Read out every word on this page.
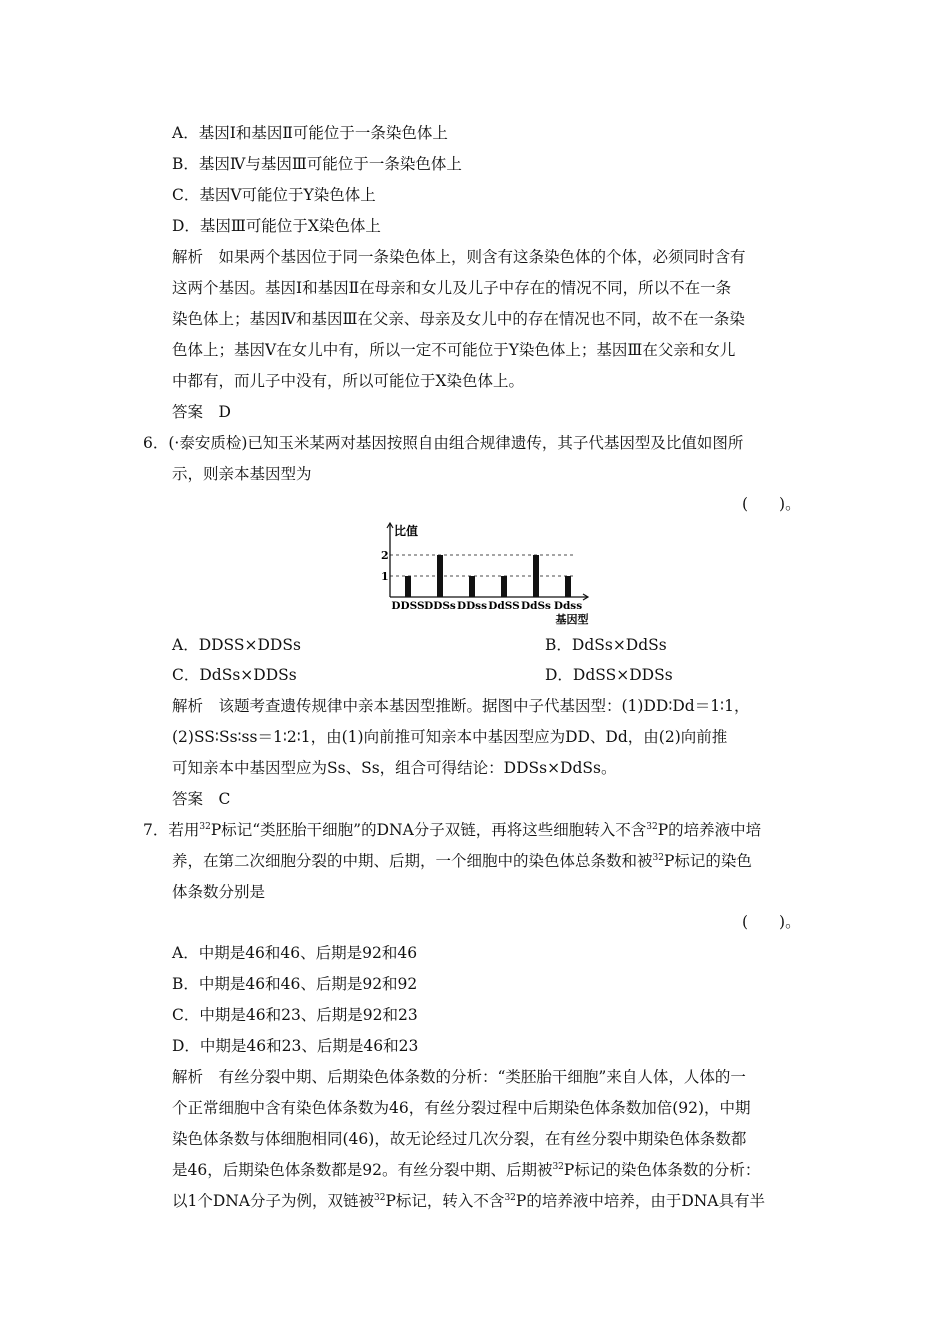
A．基因Ⅰ和基因Ⅱ可能位于一条染色体上
B．基因Ⅳ与基因Ⅲ可能位于一条染色体上
C．基因Ⅴ可能位于Y染色体上
D．基因Ⅲ可能位于X染色体上
解析　如果两个基因位于同一条染色体上，则含有这条染色体的个体，必须同时含有
这两个基因。基因Ⅰ和基因Ⅱ在母亲和女儿及儿子中存在的情况不同，所以不在一条
染色体上；基因Ⅳ和基因Ⅲ在父亲、母亲及女儿中的存在情况也不同，故不在一条染
色体上；基因Ⅴ在女儿中有，所以一定不可能位于Y染色体上；基因Ⅲ在父亲和女儿
中都有，而儿子中没有，所以可能位于X染色体上。
答案　D
6．(·泰安质检)已知玉米某两对基因按照自由组合规律遗传，其子代基因型及比值如图所
示，则亲本基因型为
(　　)。
比值
1
2
DDSS DDSs DDss DdSS DdSs Ddss
基因型
A．DDSS×DDSs	B．DdSs×DdSs
C．DdSs×DDSs	D．DdSS×DDSs
解析　该题考查遗传规律中亲本基因型推断。据图中子代基因型：(1)DD∶Dd＝1∶1，
(2)SS∶Ss∶ss＝1∶2∶1，由(1)向前推可知亲本中基因型应为DD、Dd，由(2)向前推
可知亲本中基因型应为Ss、Ss，组合可得结论：DDSs×DdSs。
答案　C
7．若用$^{32}$P标记“类胚胎干细胞”的DNA分子双链，再将这些细胞转入不含$^{32}$P的培养液中培
养，在第二次细胞分裂的中期、后期，一个细胞中的染色体总条数和被$^{32}$P标记的染色
体条数分别是
(　　)。
A．中期是46和46、后期是92和46
B．中期是46和46、后期是92和92
C．中期是46和23、后期是92和23
D．中期是46和23、后期是46和23
解析　有丝分裂中期、后期染色体条数的分析：“类胚胎干细胞”来自人体，人体的一
个正常细胞中含有染色体条数为46，有丝分裂过程中后期染色体条数加倍(92)，中期
染色体条数与体细胞相同(46)，故无论经过几次分裂，在有丝分裂中期染色体条数都
是46，后期染色体条数都是92。有丝分裂中期、后期被$^{32}$P标记的染色体条数的分析：
以1个DNA分子为例，双链被$^{32}$P标记，转入不含$^{32}$P的培养液中培养，由于DNA具有半
